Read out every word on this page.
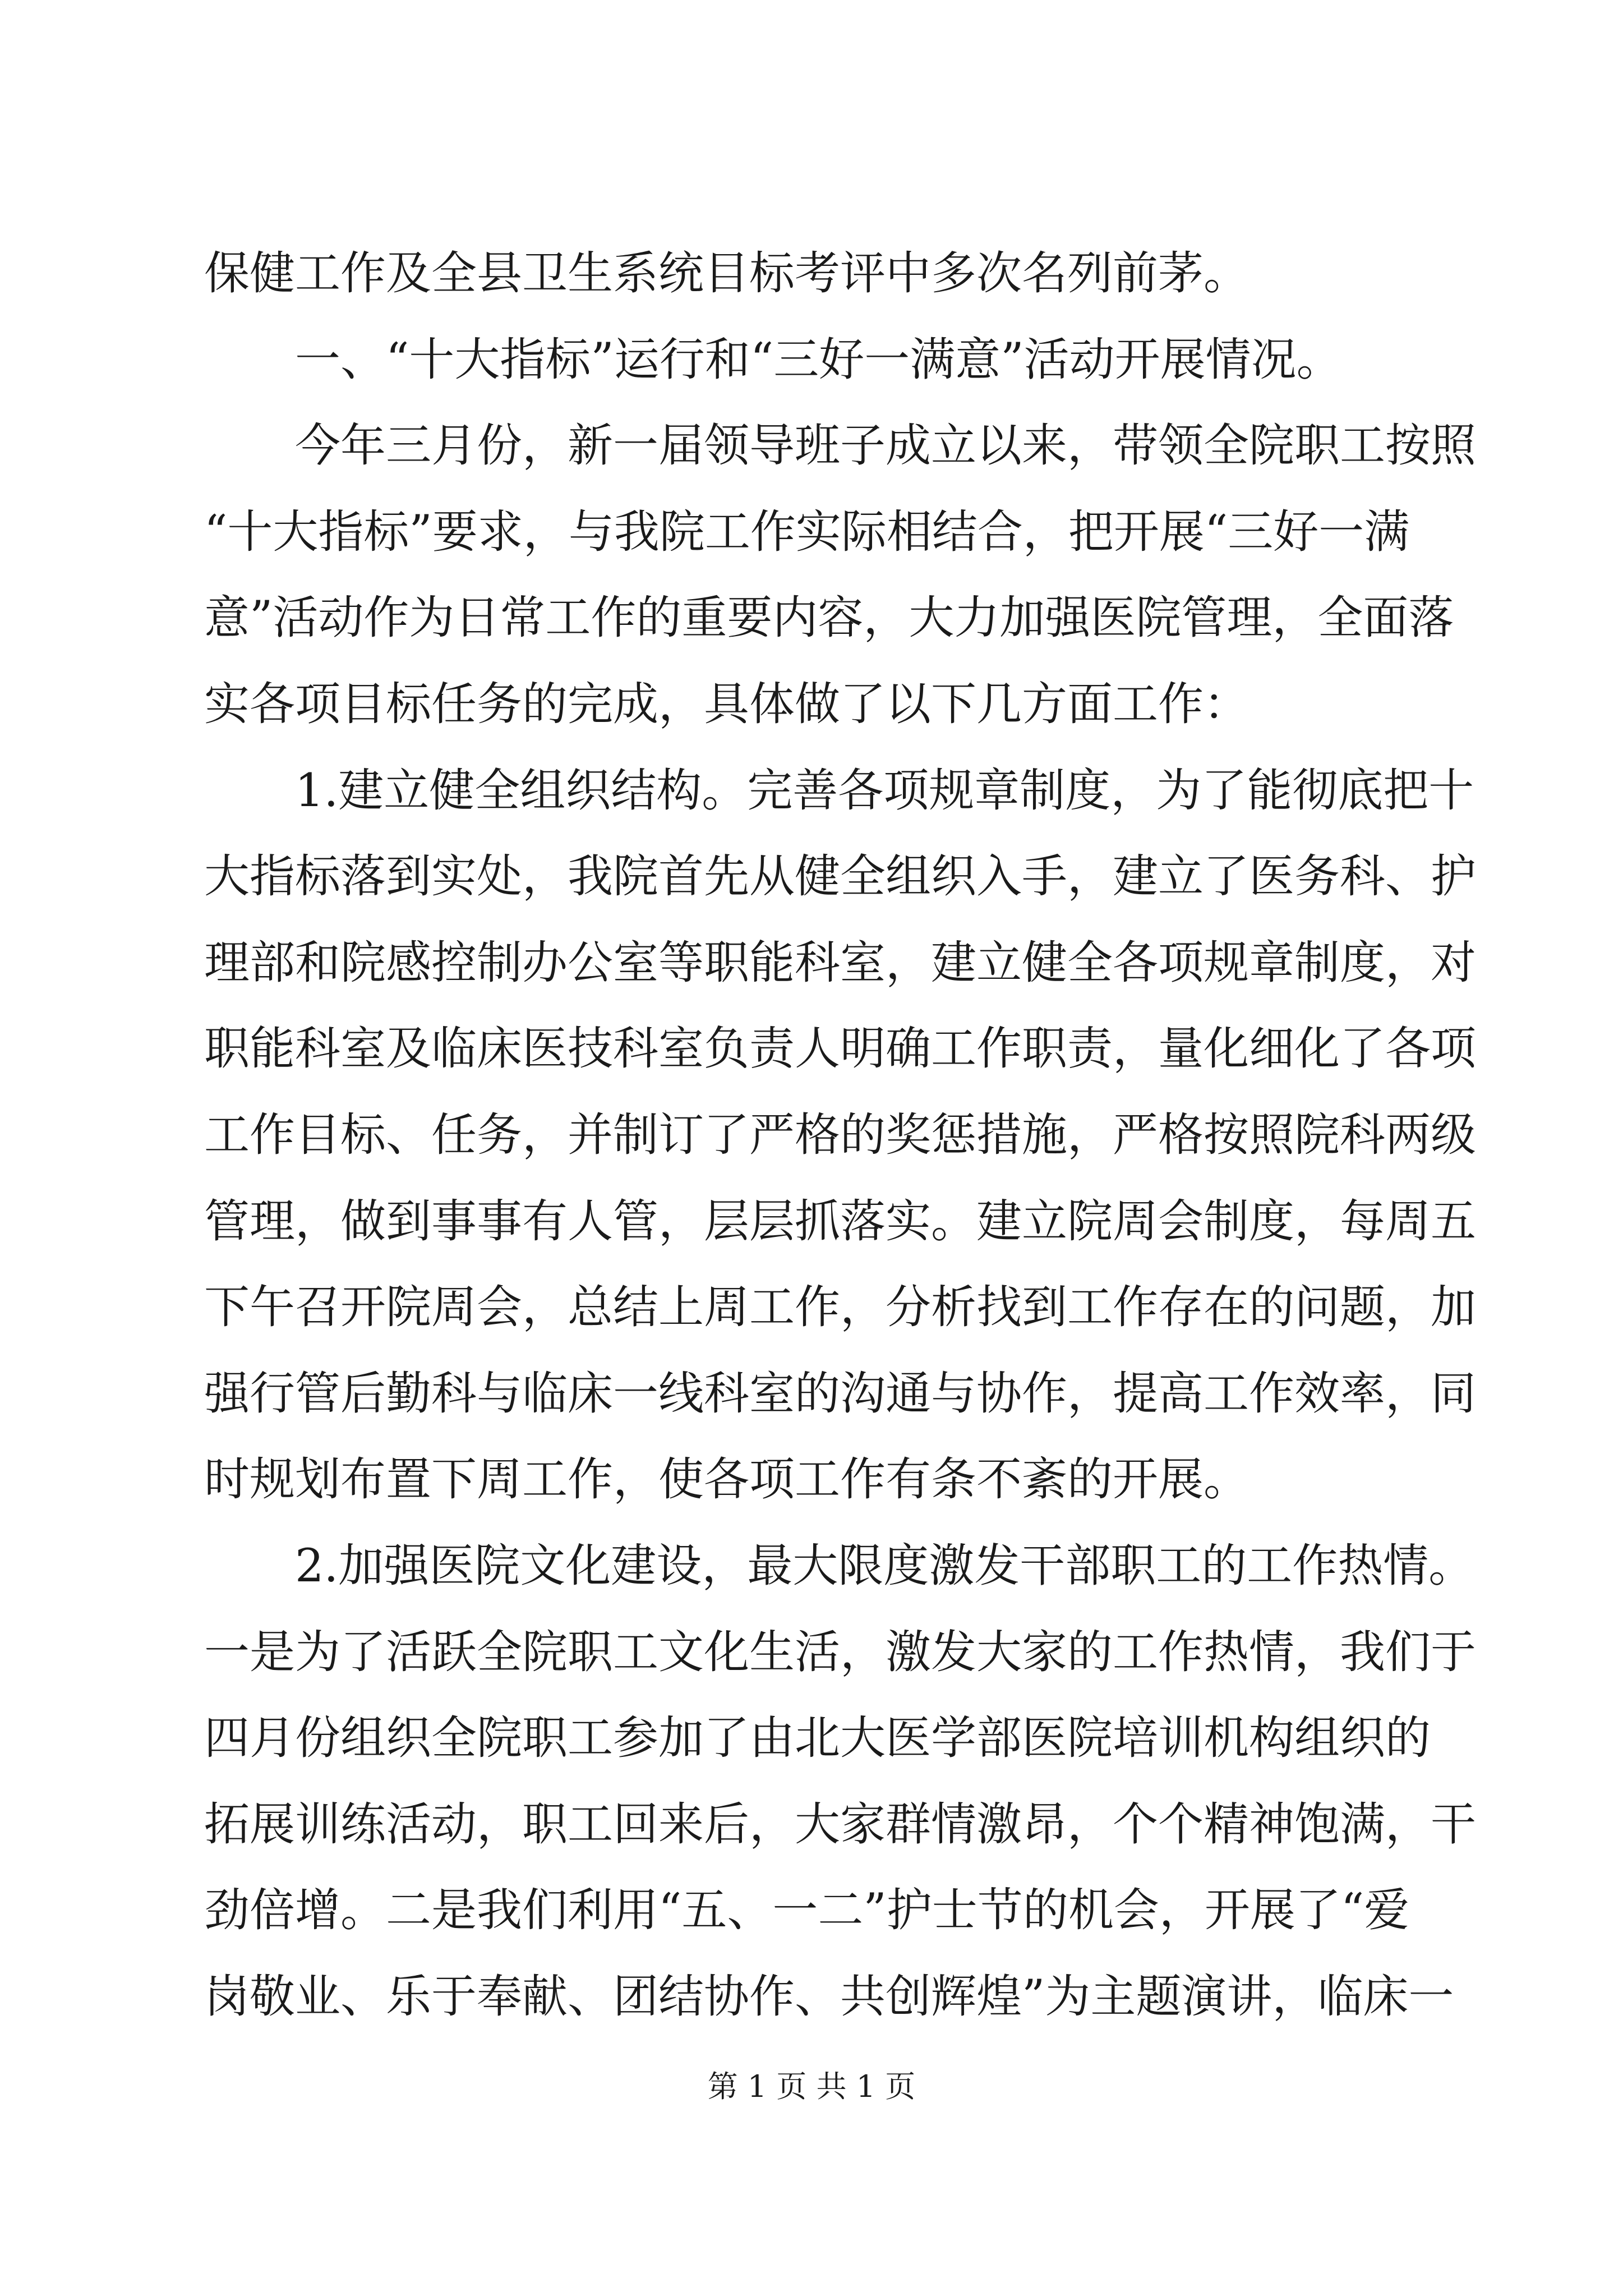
保健工作及全县卫生系统目标考评中多次名列前茅。
一、“十大指标”运行和“三好一满意”活动开展情况。
今年三月份，新一届领导班子成立以来，带领全院职工按照
“十大指标”要求，与我院工作实际相结合，把开展“三好一满
意”活动作为日常工作的重要内容，大力加强医院管理，全面落
实各项目标任务的完成，具体做了以下几方面工作：
1.建立健全组织结构。完善各项规章制度，为了能彻底把十
大指标落到实处，我院首先从健全组织入手，建立了医务科、护
理部和院感控制办公室等职能科室，建立健全各项规章制度，对
职能科室及临床医技科室负责人明确工作职责，量化细化了各项
工作目标、任务，并制订了严格的奖惩措施，严格按照院科两级
管理，做到事事有人管，层层抓落实。建立院周会制度，每周五
下午召开院周会，总结上周工作，分析找到工作存在的问题，加
强行管后勤科与临床一线科室的沟通与协作，提高工作效率，同
时规划布置下周工作，使各项工作有条不紊的开展。
2.加强医院文化建设，最大限度激发干部职工的工作热情。
一是为了活跃全院职工文化生活，激发大家的工作热情，我们于
四月份组织全院职工参加了由北大医学部医院培训机构组织的
拓展训练活动，职工回来后，大家群情激昂，个个精神饱满，干
劲倍增。二是我们利用“五、一二”护士节的机会，开展了“爱
岗敬业、乐于奉献、团结协作、共创辉煌”为主题演讲，临床一
第 1 页 共 1 页
